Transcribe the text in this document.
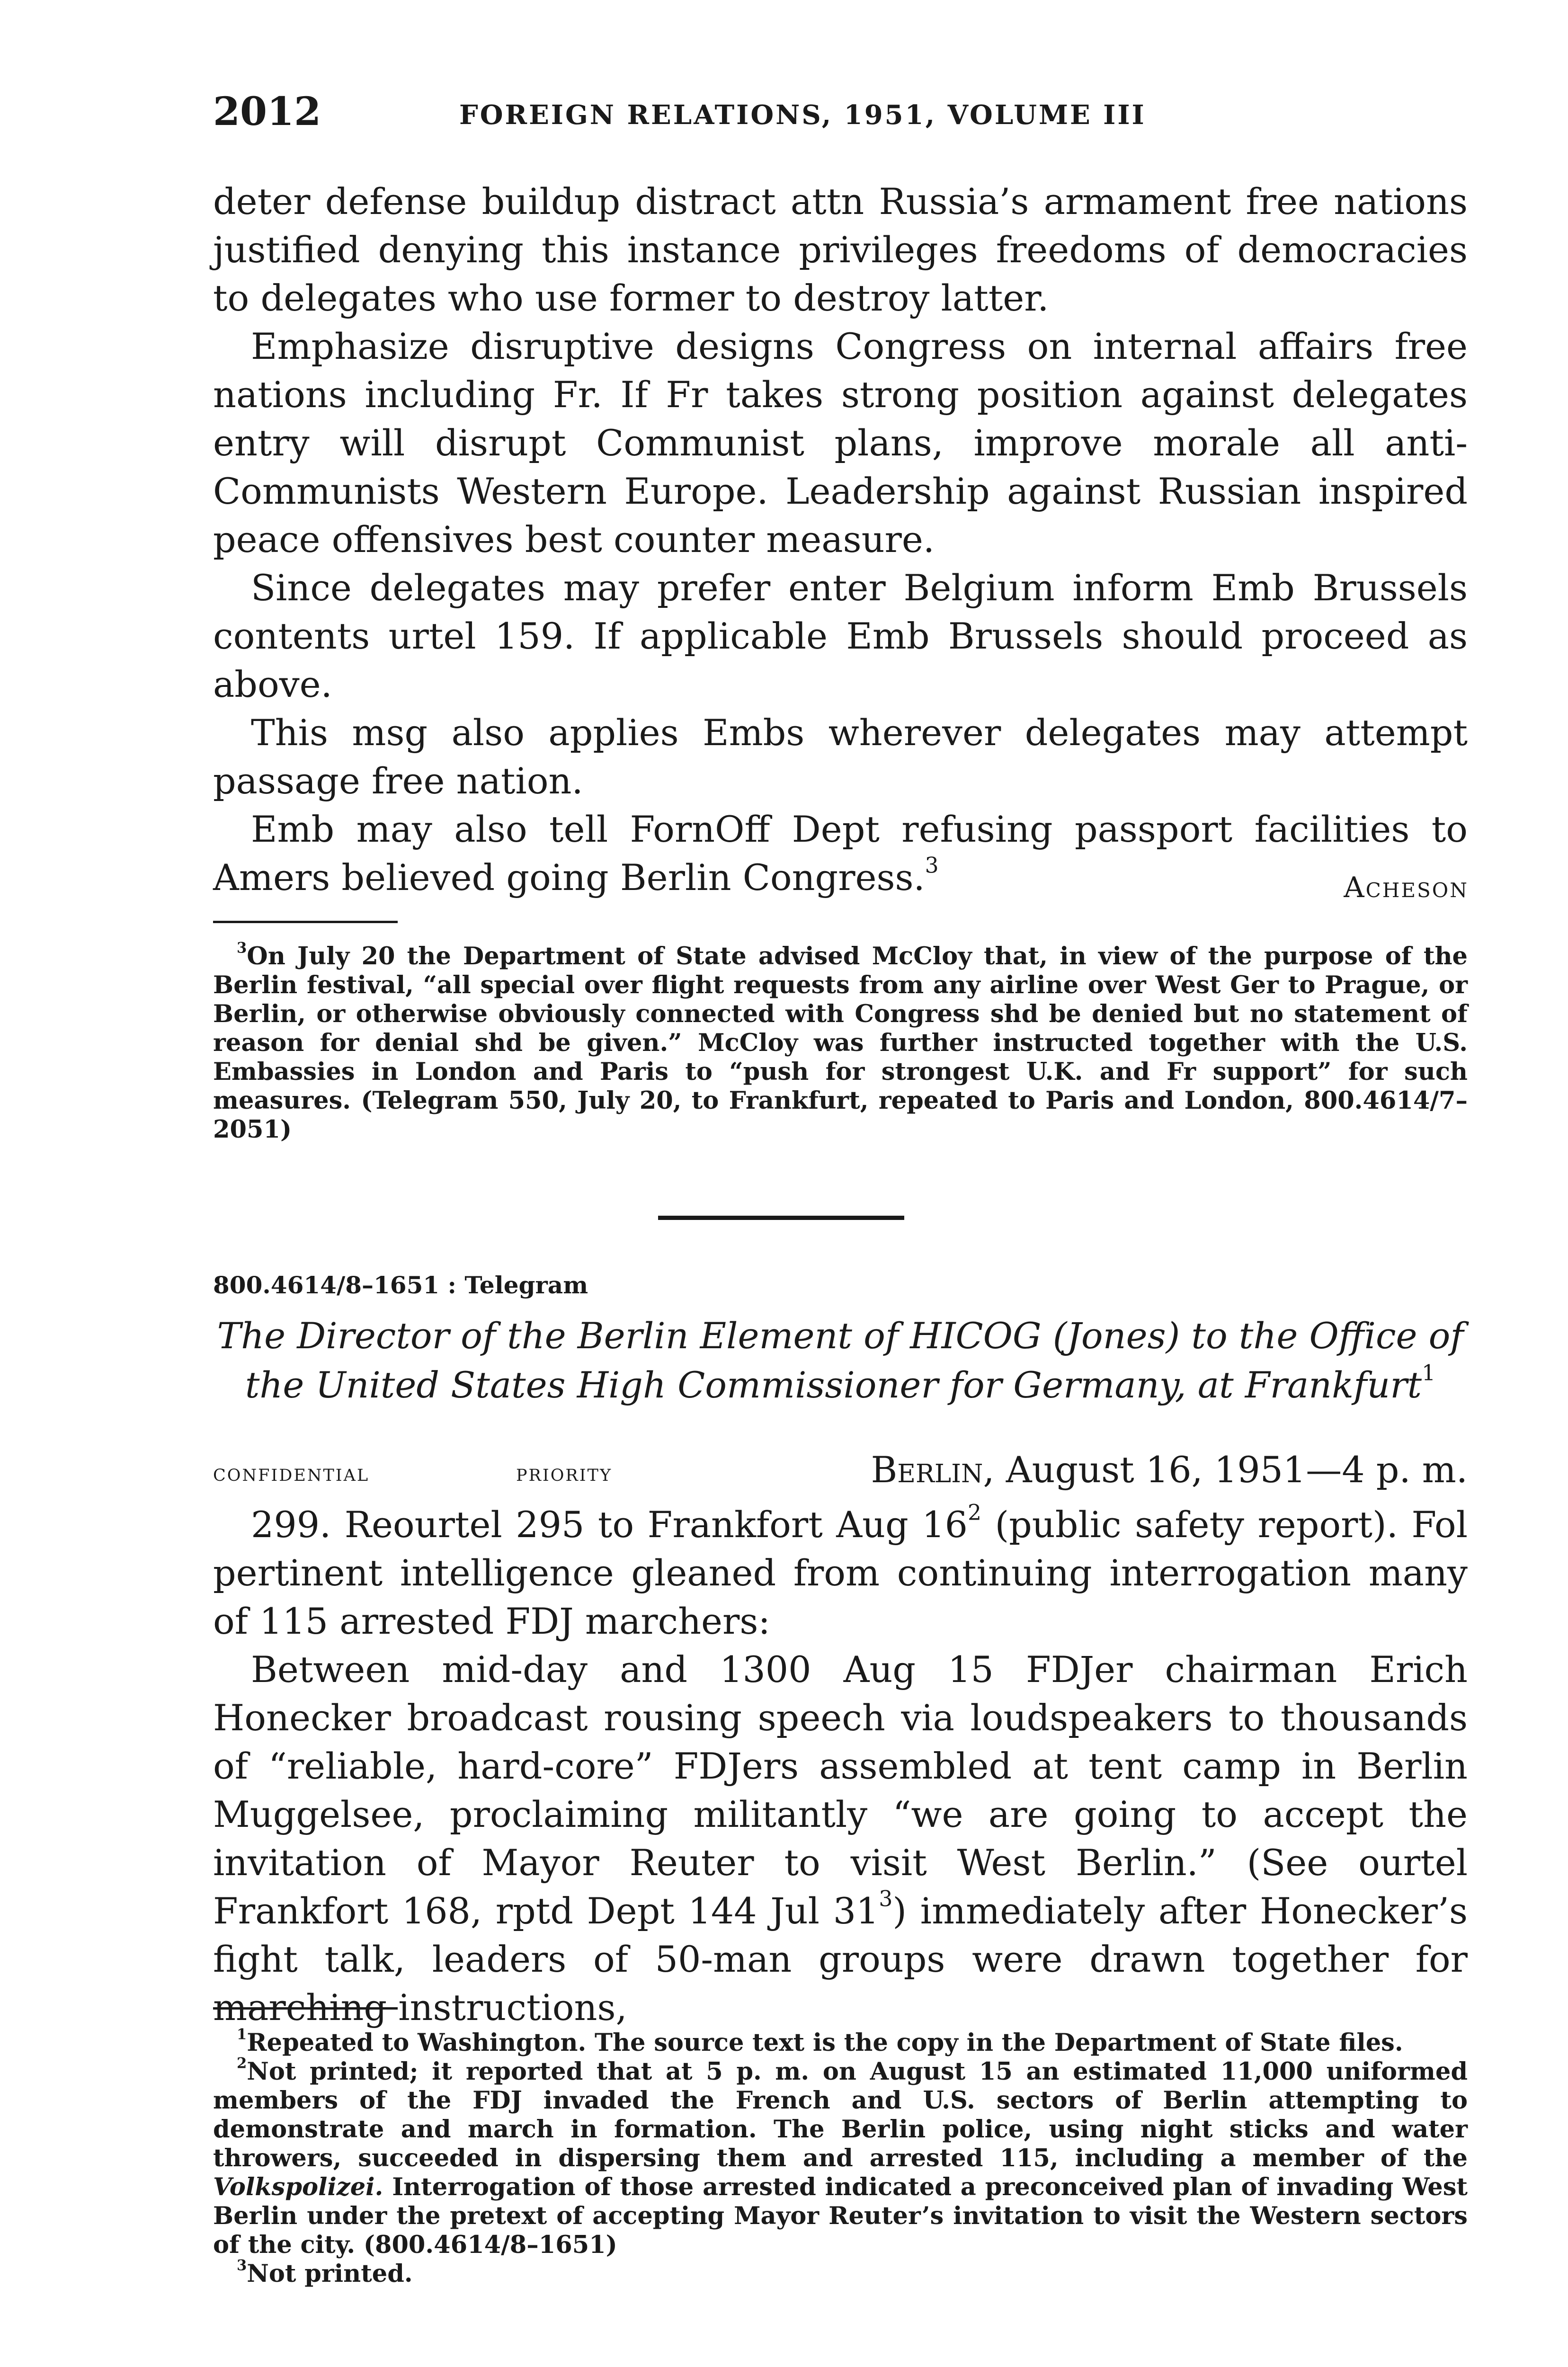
2012	FOREIGN RELATIONS, 1951, VOLUME III

deter defense buildup distract attn Russia’s armament free nations justified denying this instance privileges freedoms of democracies to delegates who use former to destroy latter.

Emphasize disruptive designs Congress on internal affairs free nations including Fr. If Fr takes strong position against delegates entry will disrupt Communist plans, improve morale all anti-Communists Western Europe. Leadership against Russian inspired peace offensives best counter measure.

Since delegates may prefer enter Belgium inform Emb Brussels contents urtel 159. If applicable Emb Brussels should proceed as above.

This msg also applies Embs wherever delegates may attempt passage free nation.

Emb may also tell FornOff Dept refusing passport facilities to Amers believed going Berlin Congress.$^3$

Acheson

$^3$On July 20 the Department of State advised McCloy that, in view of the purpose of the Berlin festival, “all special over flight requests from any airline over West Ger to Prague, or Berlin, or otherwise obviously connected with Congress shd be denied but no statement of reason for denial shd be given.” McCloy was further instructed together with the U.S. Embassies in London and Paris to “push for strongest U.K. and Fr support” for such measures. (Telegram 550, July 20, to Frankfurt, repeated to Paris and London, 800.4614/7–2051)

800.4614/8–1651 : Telegram
The Director of the Berlin Element of HICOG (Jones) to the Office of
the United States High Commissioner for Germany, at Frankfurt$^1$
confidential	priority	Berlin, August 16, 1951—4 p. m.

299. Reourtel 295 to Frankfort Aug $16^2$ (public safety report). Fol pertinent intelligence gleaned from continuing interrogation many of 115 arrested FDJ marchers:

Between mid-day and 1300 Aug 15 FDJer chairman Erich Honecker broadcast rousing speech via loudspeakers to thousands of “reliable, hard-core” FDJers assembled at tent camp in Berlin Muggelsee, proclaiming militantly “we are going to accept the invitation of Mayor Reuter to visit West Berlin.” (See ourtel Frankfort 168, rptd Dept 144 Jul $31^3$) immediately after Honecker’s fight talk, leaders of 50-man groups were drawn together for marching instructions,

$^1$Repeated to Washington. The source text is the copy in the Department of State files.

$^2$Not printed; it reported that at 5 p. m. on August 15 an estimated 11,000 uniformed members of the FDJ invaded the French and U.S. sectors of Berlin attempting to demonstrate and march in formation. The Berlin police, using night sticks and water throwers, succeeded in dispersing them and arrested 115, including a member of the Volkspolizei. Interrogation of those arrested indicated a preconceived plan of invading West Berlin under the pretext of accepting Mayor Reuter’s invitation to visit the Western sectors of the city. (800.4614/8–1651)

$^3$Not printed.
